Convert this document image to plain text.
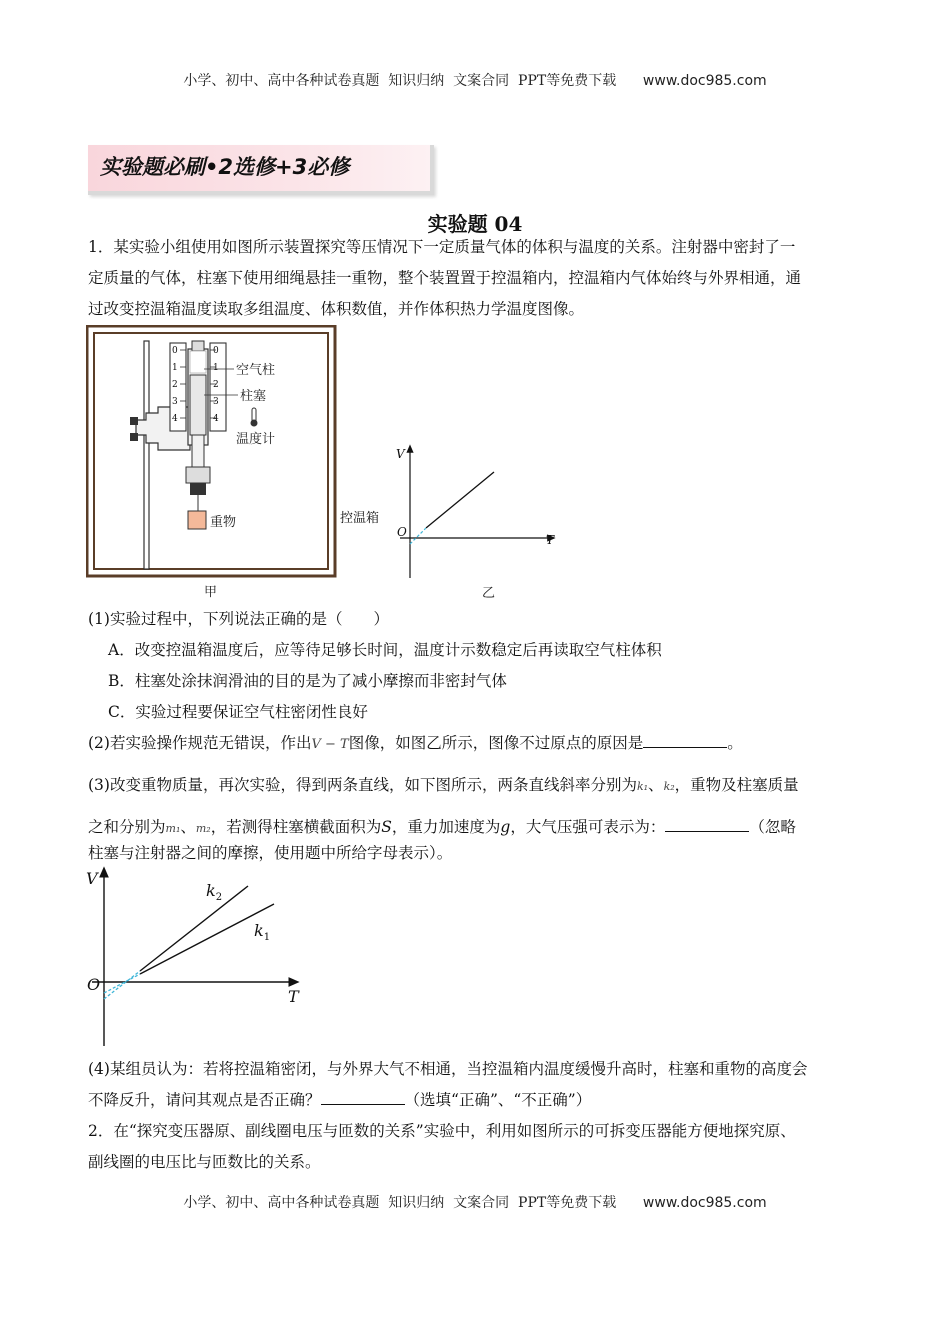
小学、初中、高中各种试卷真题  知识归纳  文案合同  PPT等免费下载 www.doc985.com
实验题必刷•2选修+3必修
实验题 04
1．某实验小组使用如图所示装置探究等压情况下一定质量气体的体积与温度的关系。注射器中密封了一
定质量的气体，柱塞下使用细绳悬挂一重物，整个装置置于控温箱内，控温箱内气体始终与外界相通，通
过改变控温箱温度读取多组温度、体积数值，并作体积热力学温度图像。
0
1
2
3
4
0
1
2
3
4
空气柱
柱塞
温度计
重物
甲
控温箱
V
T
O
乙
(1)实验过程中，下列说法正确的是（　　）
A．改变控温箱温度后，应等待足够长时间，温度计示数稳定后再读取空气柱体积
B．柱塞处涂抹润滑油的目的是为了减小摩擦而非密封气体
C．实验过程要保证空气柱密闭性良好
(2)若实验操作规范无错误，作出V − T图像，如图乙所示，图像不过原点的原因是	。
(3)改变重物质量，再次实验，得到两条直线，如下图所示，两条直线斜率分别为k₁、k₂，重物及柱塞质量
之和分别为m₁、m₂，若测得柱塞横截面积为S，重力加速度为g，大气压强可表示为：	（忽略
柱塞与注射器之间的摩擦，使用题中所给字母表示）。
V
T
O
$k_2$
$k_1$
(4)某组员认为：若将控温箱密闭，与外界大气不相通，当控温箱内温度缓慢升高时，柱塞和重物的高度会
不降反升，请问其观点是否正确？	（选填“正确”、“不正确”）
2．在“探究变压器原、副线圈电压与匝数的关系”实验中，利用如图所示的可拆变压器能方便地探究原、
副线圈的电压比与匝数比的关系。
小学、初中、高中各种试卷真题  知识归纳  文案合同  PPT等免费下载 www.doc985.com
